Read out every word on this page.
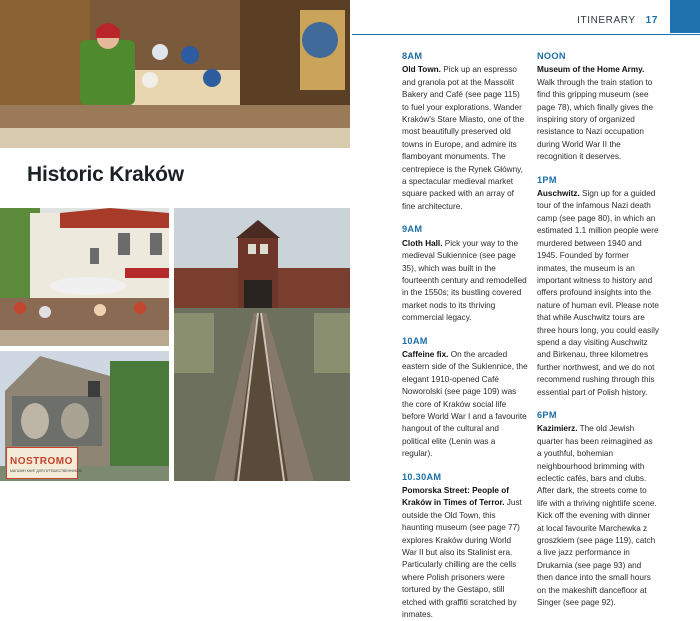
NOSTROMO
МАГАЗИН КНИГ ДЛЯ ПУТЕШЕСТВЕННИКОВ
Historic Kraków
ITINERARY 17
8AM

Old Town. Pick up an espresso and granola pot at the Massolit Bakery and Café (see page 115) to fuel your explorations. Wander Kraków's Stare Miasto, one of the most beautifully preserved old towns in Europe, and admire its flamboyant monuments. The centrepiece is the Rynek Główny, a spectacular medieval market square packed with an array of fine architecture.

9AM

Cloth Hall. Pick your way to the medieval Sukiennice (see page 35), which was built in the fourteenth century and remodelled in the 1550s; its bustling covered market nods to its thriving commercial legacy.

10AM

Caffeine fix. On the arcaded eastern side of the Sukiennice, the elegant 1910-opened Café Noworolski (see page 109) was the core of Kraków social life before World War I and a favourite hangout of the cultural and political elite (Lenin was a regular).

10.30AM

Pomorska Street: People of Kraków in Times of Terror. Just outside the Old Town, this haunting museum (see page 77) explores Kraków during World War II but also its Stalinist era. Particularly chilling are the cells where Polish prisoners were tortured by the Gestapo, still etched with graffiti scratched by inmates.

NOON

Museum of the Home Army. Walk through the train station to find this gripping museum (see page 78), which finally gives the inspiring story of organized resistance to Nazi occupation during World War II the recognition it deserves.

1PM

Auschwitz. Sign up for a guided tour of the infamous Nazi death camp (see page 80), in which an estimated 1.1 million people were murdered between 1940 and 1945. Founded by former inmates, the museum is an important witness to history and offers profound insights into the nature of human evil. Please note that while Auschwitz tours are three hours long, you could easily spend a day visiting Auschwitz and Birkenau, three kilometres further northwest, and we do not recommend rushing through this essential part of Polish history.

6PM

Kazimierz. The old Jewish quarter has been reimagined as a youthful, bohemian neighbourhood brimming with eclectic cafés, bars and clubs. After dark, the streets come to life with a thriving nightlife scene. Kick off the evening with dinner at local favourite Marchewka z groszkiem (see page 119), catch a live jazz performance in Drukarnia (see page 93) and then dance into the small hours on the makeshift dancefloor at Singer (see page 92).
